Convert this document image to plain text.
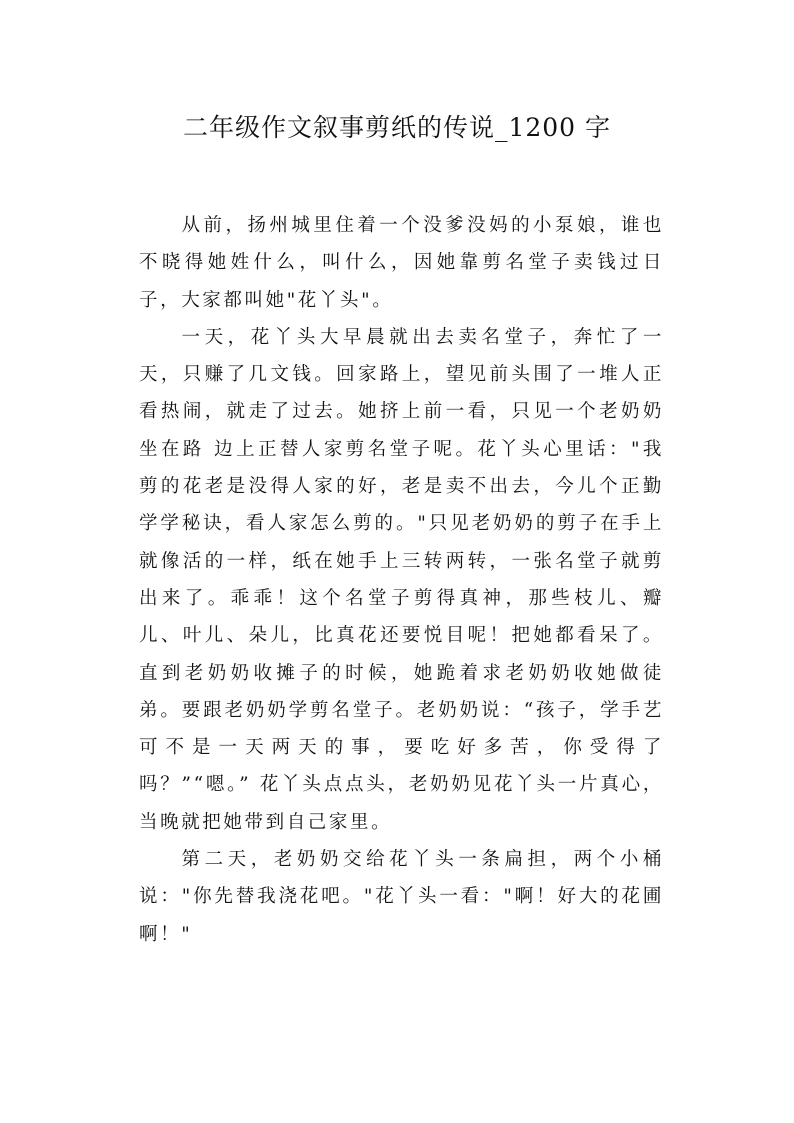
二年级作文叙事剪纸的传说_1200 字

从前，扬州城里住着一个没爹没妈的小泵娘，谁也不晓得她姓什么，叫什么，因她靠剪名堂子卖钱过日子，大家都叫她"花丫头"。

一天，花丫头大早晨就出去卖名堂子，奔忙了一天，只赚了几文钱。回家路上，望见前头围了一堆人正看热闹，就走了过去。她挤上前一看，只见一个老奶奶坐在路 边上正替人家剪名堂子呢。花丫头心里话："我剪的花老是没得人家的好，老是卖不出去，今儿个正勤学学秘诀，看人家怎么剪的。"只见老奶奶的剪子在手上就像活的一样，纸在她手上三转两转，一张名堂子就剪出来了。乖乖！这个名堂子剪得真神，那些枝儿、瓣儿、叶儿、朵儿，比真花还要悦目呢！把她都看呆了。直到老奶奶收摊子的时候，她跪着求老奶奶收她做徒弟。要跟老奶奶学剪名堂子。老奶奶说：“孩子，学手艺可不是一天两天的事，要吃好多苦，你受得了吗？”“嗯。” 花丫头点点头，老奶奶见花丫头一片真心，当晚就把她带到自己家里。

第二天，老奶奶交给花丫头一条扁担，两个小桶说："你先替我浇花吧。"花丫头一看："啊！好大的花圃啊！"
